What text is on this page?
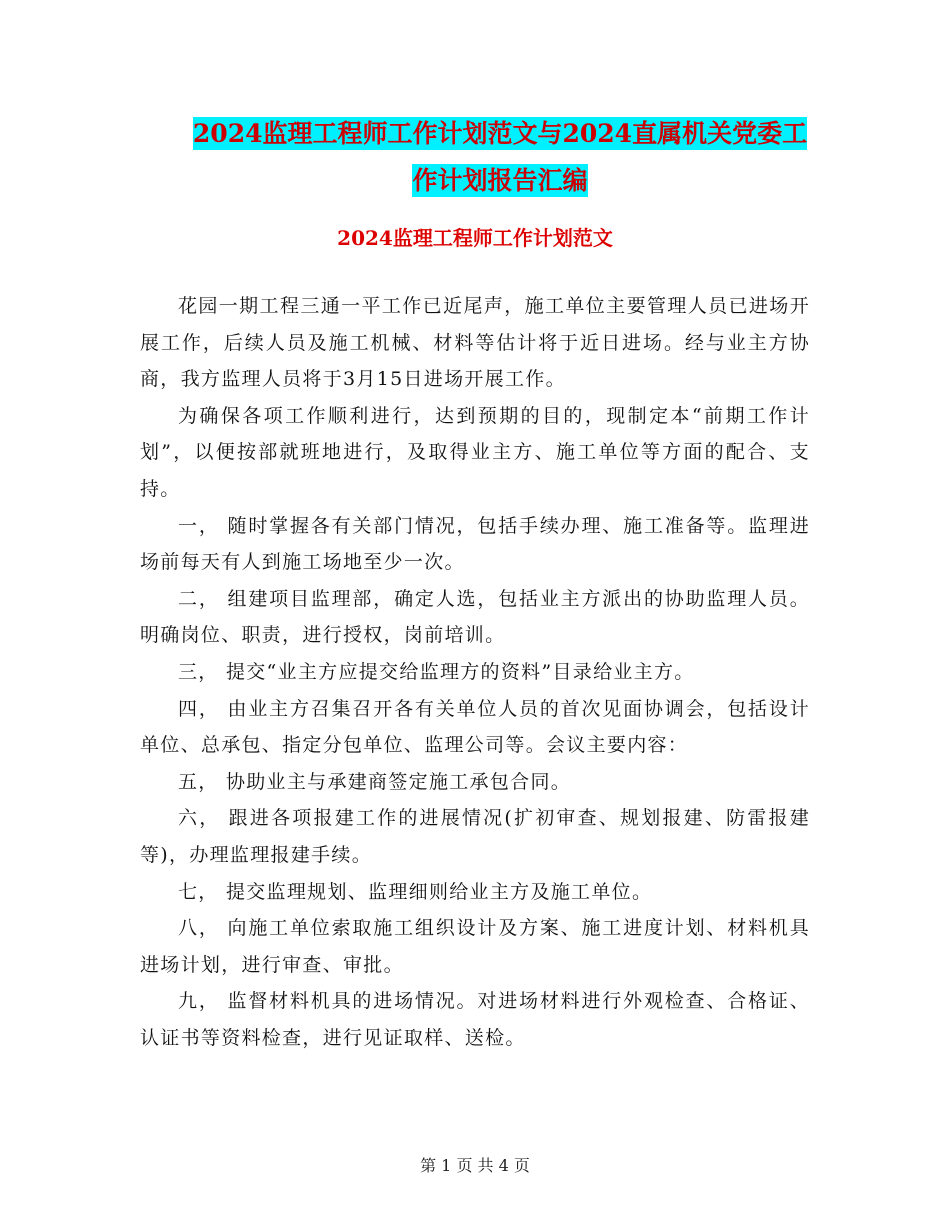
2024监理工程师工作计划范文与2024直属机关党委工
作计划报告汇编
2024监理工程师工作计划范文

花园一期工程三通一平工作已近尾声，施工单位主要管理人员已进场开展工作，后续人员及施工机械、材料等估计将于近日进场。经与业主方协商，我方监理人员将于3月15日进场开展工作。

为确保各项工作顺利进行，达到预期的目的，现制定本“前期工作计划”，以便按部就班地进行，及取得业主方、施工单位等方面的配合、支持。

一， 随时掌握各有关部门情况，包括手续办理、施工准备等。监理进场前每天有人到施工场地至少一次。

二， 组建项目监理部，确定人选，包括业主方派出的协助监理人员。明确岗位、职责，进行授权，岗前培训。

三， 提交“业主方应提交给监理方的资料”目录给业主方。

四， 由业主方召集召开各有关单位人员的首次见面协调会，包括设计单位、总承包、指定分包单位、监理公司等。会议主要内容：

五， 协助业主与承建商签定施工承包合同。

六， 跟进各项报建工作的进展情况(扩初审查、规划报建、防雷报建等)，办理监理报建手续。

七， 提交监理规划、监理细则给业主方及施工单位。

八， 向施工单位索取施工组织设计及方案、施工进度计划、材料机具进场计划，进行审查、审批。

九， 监督材料机具的进场情况。对进场材料进行外观检查、合格证、认证书等资料检查，进行见证取样、送检。

第 1 页 共 4 页
